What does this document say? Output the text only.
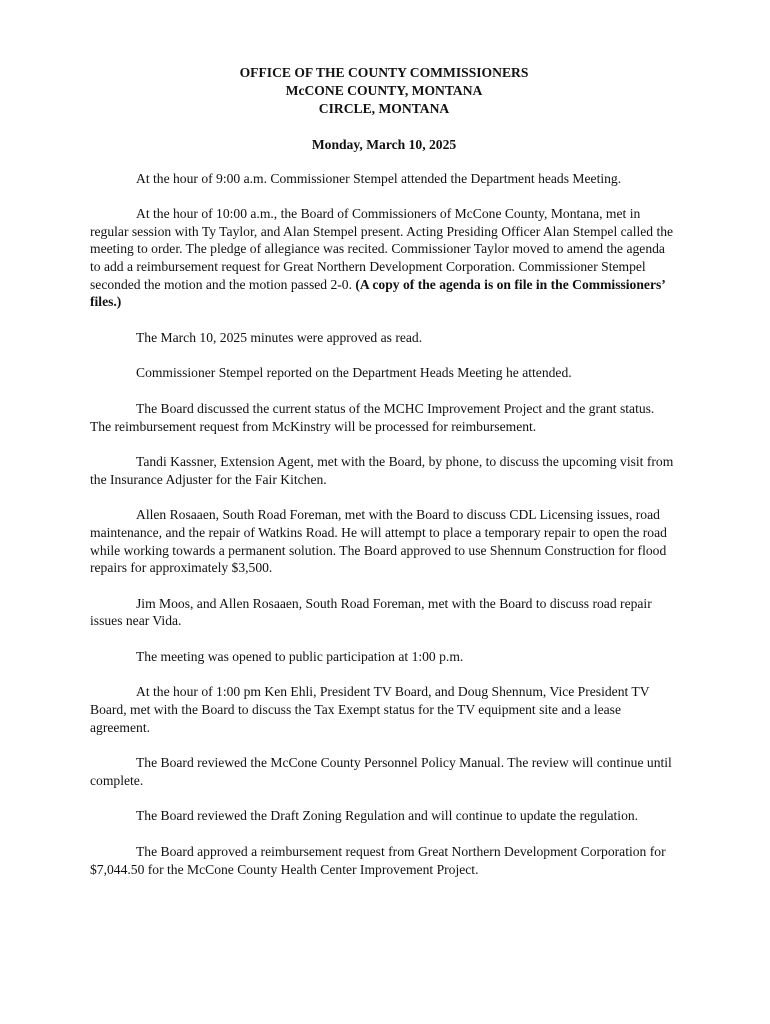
OFFICE OF THE COUNTY COMMISSIONERS
McCONE COUNTY, MONTANA
CIRCLE, MONTANA
Monday, March 10, 2025

At the hour of 9:00 a.m. Commissioner Stempel attended the Department heads Meeting.

At the hour of 10:00 a.m., the Board of Commissioners of McCone County, Montana, met in regular session with Ty Taylor, and Alan Stempel present. Acting Presiding Officer Alan Stempel called the meeting to order. The pledge of allegiance was recited. Commissioner Taylor moved to amend the agenda to add a reimbursement request for Great Northern Development Corporation. Commissioner Stempel seconded the motion and the motion passed 2-0. (A copy of the agenda is on file in the Commissioners’ files.)

The March 10, 2025 minutes were approved as read.

Commissioner Stempel reported on the Department Heads Meeting he attended.

The Board discussed the current status of the MCHC Improvement Project and the grant status. The reimbursement request from McKinstry will be processed for reimbursement.

Tandi Kassner, Extension Agent, met with the Board, by phone, to discuss the upcoming visit from the Insurance Adjuster for the Fair Kitchen.

Allen Rosaaen, South Road Foreman, met with the Board to discuss CDL Licensing issues, road maintenance, and the repair of Watkins Road. He will attempt to place a temporary repair to open the road while working towards a permanent solution. The Board approved to use Shennum Construction for flood repairs for approximately $3,500.

Jim Moos, and Allen Rosaaen, South Road Foreman, met with the Board to discuss road repair issues near Vida.

The meeting was opened to public participation at 1:00 p.m.

At the hour of 1:00 pm Ken Ehli, President TV Board, and Doug Shennum, Vice President TV Board, met with the Board to discuss the Tax Exempt status for the TV equipment site and a lease agreement.

The Board reviewed the McCone County Personnel Policy Manual. The review will continue until complete.

The Board reviewed the Draft Zoning Regulation and will continue to update the regulation.

The Board approved a reimbursement request from Great Northern Development Corporation for $7,044.50 for the McCone County Health Center Improvement Project.
